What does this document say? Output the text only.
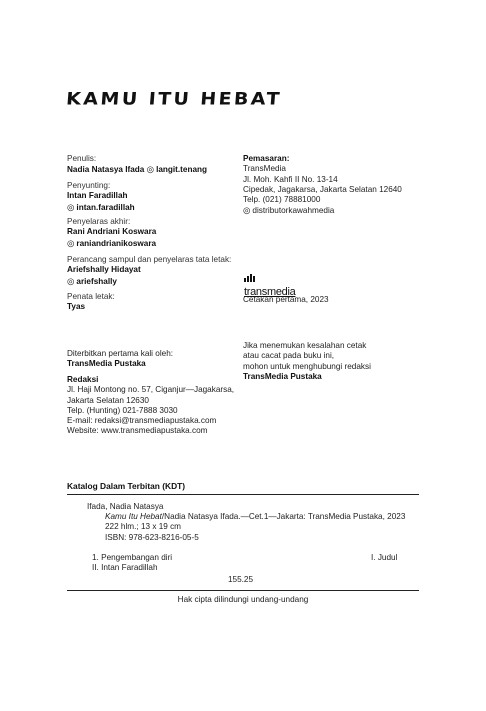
KAMU ITU HEBAT
Penulis:
Nadia Natasya Ifada ◎ langit.tenang
Penyunting:
Intan Faradillah
◎ intan.faradillah
Penyelaras akhir:
Rani Andriani Koswara
◎ raniandrianikoswara
Perancang sampul dan penyelaras tata letak:
Ariefshally Hidayat
◎ ariefshally
Penata letak:
Tyas
Pemasaran:
TransMedia
Jl. Moh. Kahfi II No. 13-14
Cipedak, Jagakarsa, Jakarta Selatan 12640
Telp. (021) 78881000
◎ distributorkawahmedia
transmedia
Cetakan pertama, 2023
Jika menemukan kesalahan cetak
atau cacat pada buku ini,
mohon untuk menghubungi redaksi
TransMedia Pustaka
Diterbitkan pertama kali oleh:
TransMedia Pustaka
Redaksi
Jl. Haji Montong no. 57, Ciganjur—Jagakarsa,
Jakarta Selatan 12630
Telp. (Hunting) 021-7888 3030
E-mail: redaksi@transmediapustaka.com
Website: www.transmediapustaka.com
Katalog Dalam Terbitan (KDT)
Ifada, Nadia Natasya
Kamu Itu Hebat/Nadia Natasya Ifada.—Cet.1—Jakarta: TransMedia Pustaka, 2023
222 hlm.; 13 x 19 cm
ISBN: 978-623-8216-05-5
1. Pengembangan diri
II. Intan Faradillah
I. Judul
155.25
Hak cipta dilindungi undang-undang
